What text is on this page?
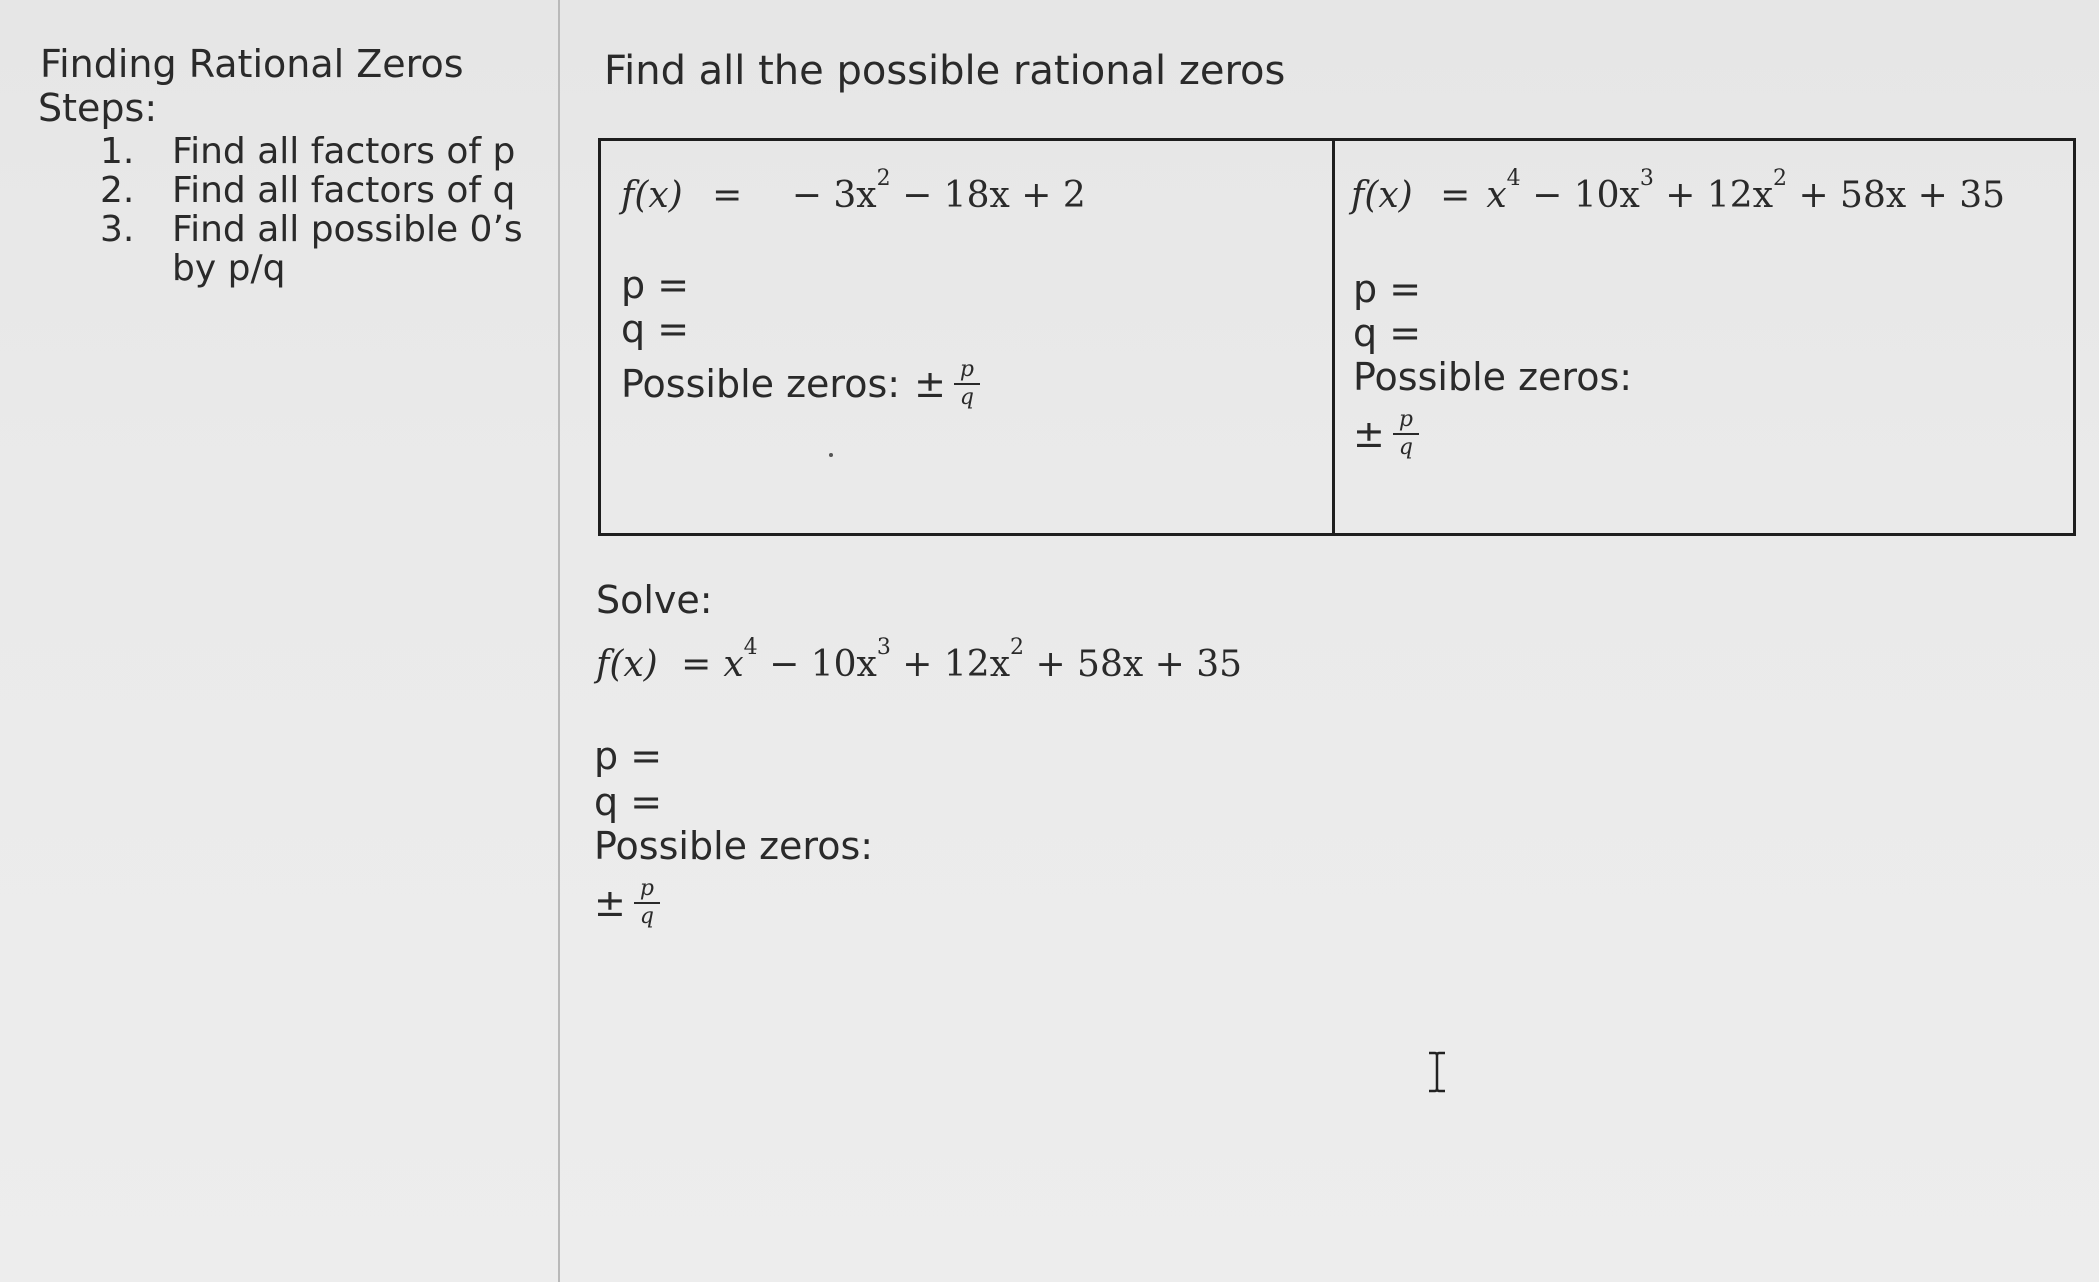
Finding Rational Zeros
Steps:
1.	Find all factors of p
2.	Find all factors of q
3.	Find all possible 0’s
by p/q
Find all the possible rational zeros
f(x) = − $3x^2 - 18x + 2$
p =
q =
Possible zeros: ± $\frac{p}{q}$
$f(x) = x^4 - 10x^3 + 12x^2 + 58x + 35$
p =
q =
Possible zeros:
± $\frac{p}{q}$
Solve:
$f(x) = x^4 - 10x^3 + 12x^2 + 58x + 35$
p =
q =
Possible zeros:
± $\frac{p}{q}$
